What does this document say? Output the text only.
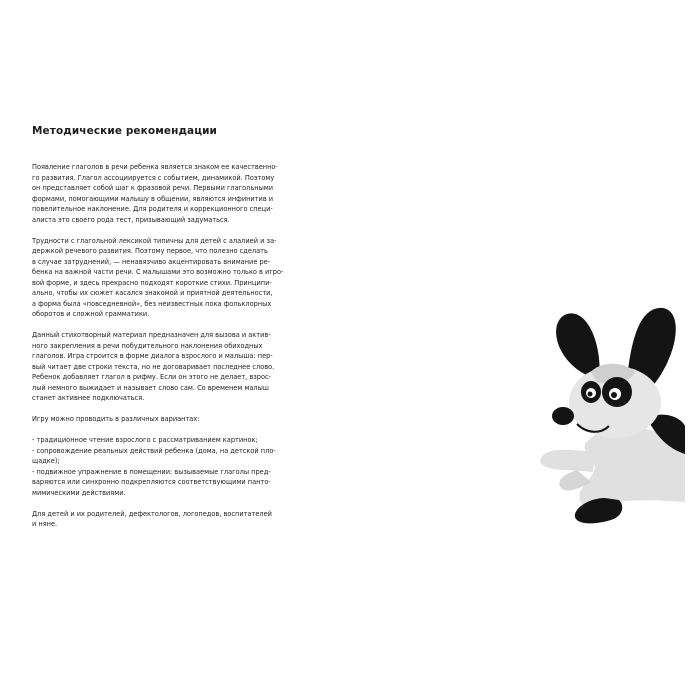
Методические рекомендации

Появление глаголов в речи ребенка является знаком ее качественно-
го развития. Глагол ассоциируется с событием, динамикой. Поэтому
он представляет собой шаг к фразовой речи. Первыми глагольными
формами, помогающими малышу в общении, являются инфинитив и
повелительное наклонение. Для родителя и коррекционного специ-
алиста это своего рода тест, призывающий задуматься.

Трудности с глагольной лексикой типичны для детей с алалией и за-
держкой речевого развития. Поэтому первое, что полезно сделать
в случае затруднений, — ненавязчиво акцентировать внимание ре-
бенка на важной части речи. С малышами это возможно только в игро-
вой форме, и здесь прекрасно подходят короткие стихи. Принципи-
ально, чтобы их сюжет касался знакомой и приятной деятельности,
а форма была «повседневной», без неизвестных пока фольклорных
оборотов и сложной грамматики.

Данный стихотворный материал предназначен для вызова и актив-
ного закрепления в речи побудительного наклонения обиходных
глаголов. Игра строится в форме диалога взрослого и малыша: пер-
вый читает две строки текста, но не договаривает последнее слово.
Ребенок добавляет глагол в рифму. Если он этого не делает, взрос-
лый немного выжидает и называет слово сам. Со временем малыш
станет активнее подключаться.

Игру можно проводить в различных вариантах:

- традиционное чтение взрослого с рассматриванием картинок;
- сопровождение реальных действий ребенка (дома, на детской пло-
щадке);
- подвижное упражнение в помещении: вызываемые глаголы пред-
варяются или синхронно подкрепляются соответствующими панто-
мимическими действиями.

Для детей и их родителей, дефектологов, логопедов, воспитателей
и няне.
